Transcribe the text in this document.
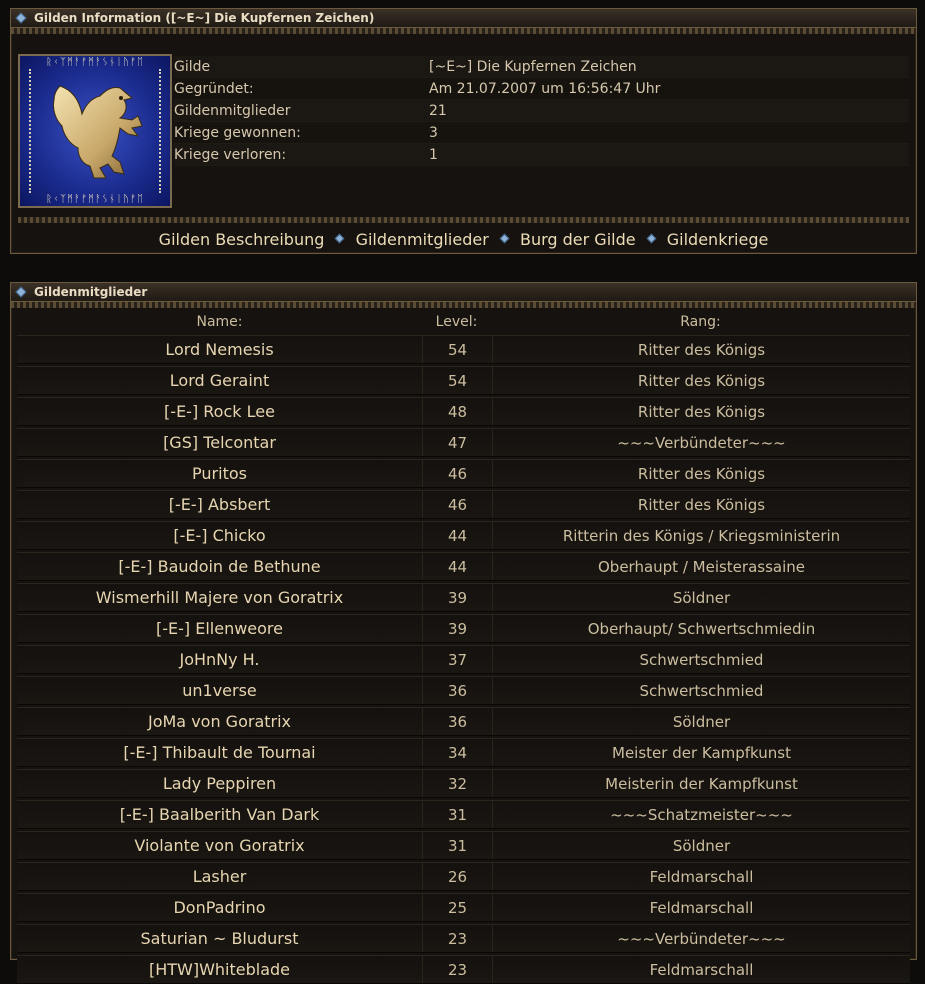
Gilden Information ([~E~] Die Kupfernen Zeichen)
ᚱᚲᛉᛗᚨᚠᛗᚨᛊᚾᛁᚤᚠᛖ
ᚱᚲᛉᛗᚨᚠᛗᚨᛊᚾᛁᚤᚠᛖ
Gilde	[~E~] Die Kupfernen Zeichen
Gegründet:	Am 21.07.2007 um 16:56:47 Uhr
Gildenmitglieder	21
Kriege gewonnen:	3
Kriege verloren:	1
Gilden Beschreibung Gildenmitglieder Burg der Gilde Gildenkriege
Gildenmitglieder
Name:	Level:	Rang:
Lord Nemesis	54	Ritter des Königs
Lord Geraint	54	Ritter des Königs
[-E-] Rock Lee	48	Ritter des Königs
[GS] Telcontar	47	~~~Verbündeter~~~
Puritos	46	Ritter des Königs
[-E-] Absbert	46	Ritter des Königs
[-E-] Chicko	44	Ritterin des Königs / Kriegsministerin
[-E-] Baudoin de Bethune	44	Oberhaupt / Meisterassaine
Wismerhill Majere von Goratrix	39	Söldner
[-E-] Ellenweore	39	Oberhaupt/ Schwertschmiedin
JoHnNy H.	37	Schwertschmied
un1verse	36	Schwertschmied
JoMa von Goratrix	36	Söldner
[-E-] Thibault de Tournai	34	Meister der Kampfkunst
Lady Peppiren	32	Meisterin der Kampfkunst
[-E-] Baalberith Van Dark	31	~~~Schatzmeister~~~
Violante von Goratrix	31	Söldner
Lasher	26	Feldmarschall
DonPadrino	25	Feldmarschall
Saturian ~ Bludurst	23	~~~Verbündeter~~~
[HTW]Whiteblade	23	Feldmarschall
